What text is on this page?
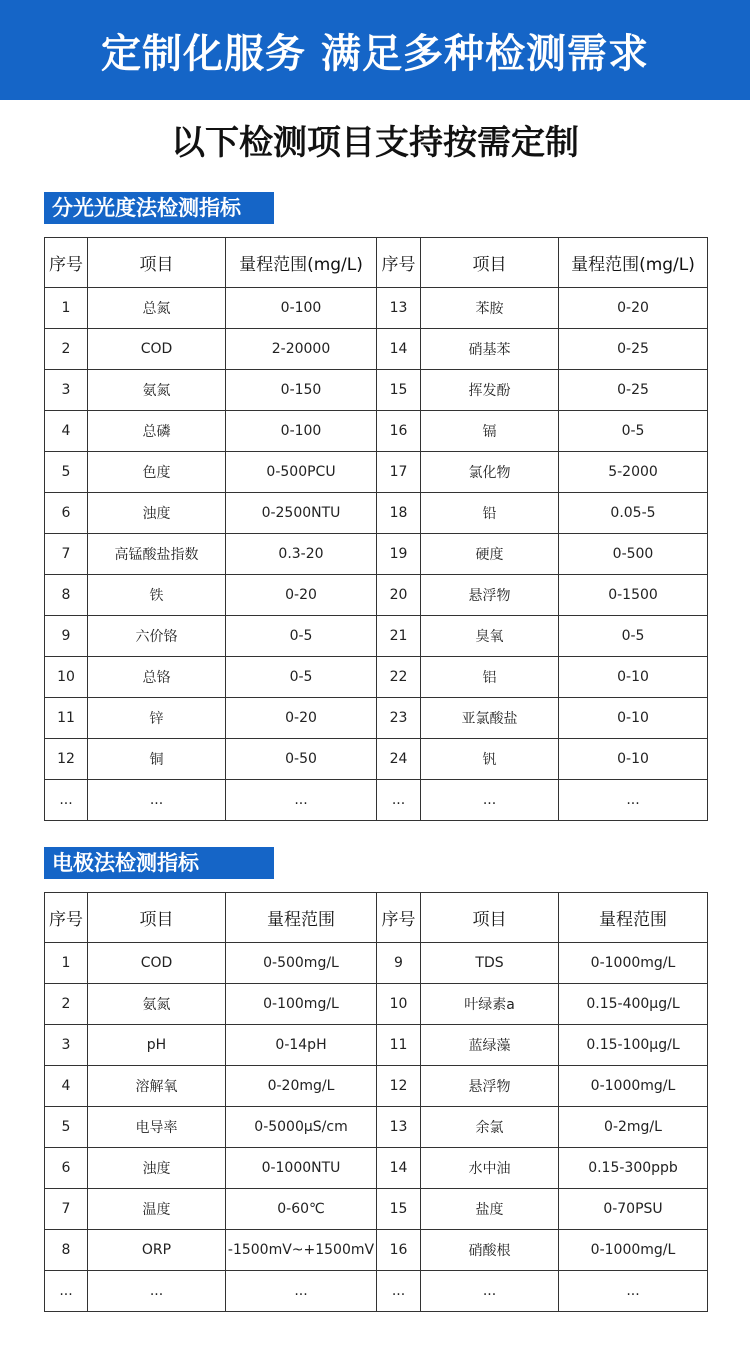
定制化服务 满足多种检测需求
以下检测项目支持按需定制
分光光度法检测指标
序号	项目	量程范围(mg/L)	序号	项目	量程范围(mg/L)
1	总氮	0-100	13	苯胺	0-20
2	COD	2-20000	14	硝基苯	0-25
3	氨氮	0-150	15	挥发酚	0-25
4	总磷	0-100	16	镉	0-5
5	色度	0-500PCU	17	氯化物	5-2000
6	浊度	0-2500NTU	18	铅	0.05-5
7	高锰酸盐指数	0.3-20	19	硬度	0-500
8	铁	0-20	20	悬浮物	0-1500
9	六价铬	0-5	21	臭氧	0-5
10	总铬	0-5	22	铝	0-10
11	锌	0-20	23	亚氯酸盐	0-10
12	铜	0-50	24	钒	0-10
...	...	...	...	...	...
电极法检测指标
序号	项目	量程范围	序号	项目	量程范围
1	COD	0-500mg/L	9	TDS	0-1000mg/L
2	氨氮	0-100mg/L	10	叶绿素a	0.15-400μg/L
3	pH	0-14pH	11	蓝绿藻	0.15-100μg/L
4	溶解氧	0-20mg/L	12	悬浮物	0-1000mg/L
5	电导率	0-5000μS/cm	13	余氯	0-2mg/L
6	浊度	0-1000NTU	14	水中油	0.15-300ppb
7	温度	0-60℃	15	盐度	0-70PSU
8	ORP	-1500mV~+1500mV	16	硝酸根	0-1000mg/L
...	...	...	...	...	...
